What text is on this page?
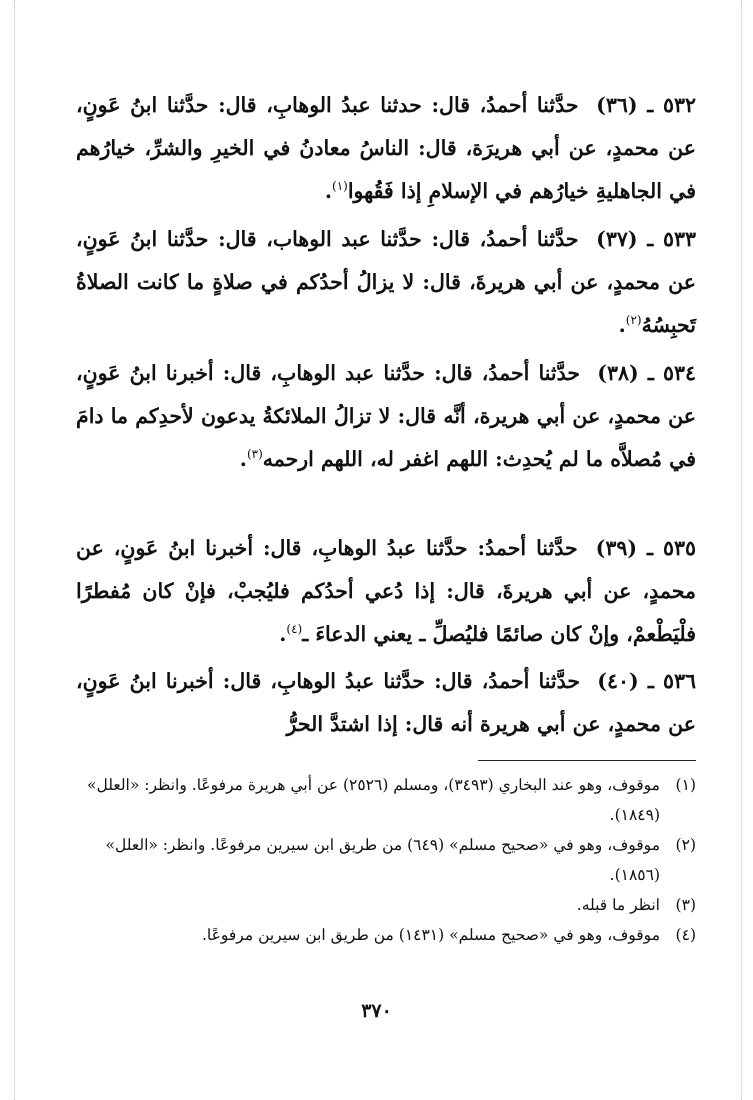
٥٣٢ ـ (٣٦) حدَّثنا أحمدُ، قال: حدثنا عبدُ الوهابِ، قال: حدَّثنا ابنُ عَونٍ، عن محمدٍ، عن أبي هريرَة، قال: الناسُ معادنُ في الخيرِ والشرِّ، خيارُهم في الجاهليةِ خيارُهم في الإسلامِ إذا فَقُهوا$^{(١)}$.

٥٣٣ ـ (٣٧) حدَّثنا أحمدُ، قال: حدَّثنا عبد الوهاب، قال: حدَّثنا ابنُ عَونٍ، عن محمدٍ، عن أبي هريرةَ، قال: لا يزالُ أحدُكم في صلاةٍ ما كانت الصلاةُ تَحبِسُهُ$^{(٢)}$.

٥٣٤ ـ (٣٨) حدَّثنا أحمدُ، قال: حدَّثنا عبد الوهابِ، قال: أخبرنا ابنُ عَونٍ، عن محمدٍ، عن أبي هريرة، أنَّه قال: لا تزالُ الملائكةُ يدعون لأحدِكم ما دامَ في مُصلاَّه ما لم يُحدِث: اللهم اغفر له، اللهم ارحمه$^{(٣)}$.

٥٣٥ ـ (٣٩) حدَّثنا أحمدُ: حدَّثنا عبدُ الوهابِ، قال: أخبرنا ابنُ عَونٍ، عن محمدٍ، عن أبي هريرةَ، قال: إذا دُعي أحدُكم فليُجبْ، فإنْ كان مُفطرًا فلْيَطْعمْ، وإنْ كان صائمًا فليُصلِّ ـ يعني الدعاءَ ـ$^{(٤)}$.

٥٣٦ ـ (٤٠) حدَّثنا أحمدُ، قال: حدَّثنا عبدُ الوهابِ، قال: أخبرنا ابنُ عَونٍ، عن محمدٍ، عن أبي هريرة أنه قال: إذا اشتدَّ الحرُّ

(١)
موقوف، وهو عند البخاري (٣٤٩٣)، ومسلم (٢٥٢٦) عن أبي هريرة مرفوعًا. وانظر: «العلل» (١٨٤٩).
(٢)
موقوف، وهو في «صحيح مسلم» (٦٤٩) من طريق ابن سيرين مرفوعًا. وانظر: «العلل» (١٨٥٦).
(٣)
انظر ما قبله.
(٤)
موقوف، وهو في «صحيح مسلم» (١٤٣١) من طريق ابن سيرين مرفوعًا.
٣٧٠
